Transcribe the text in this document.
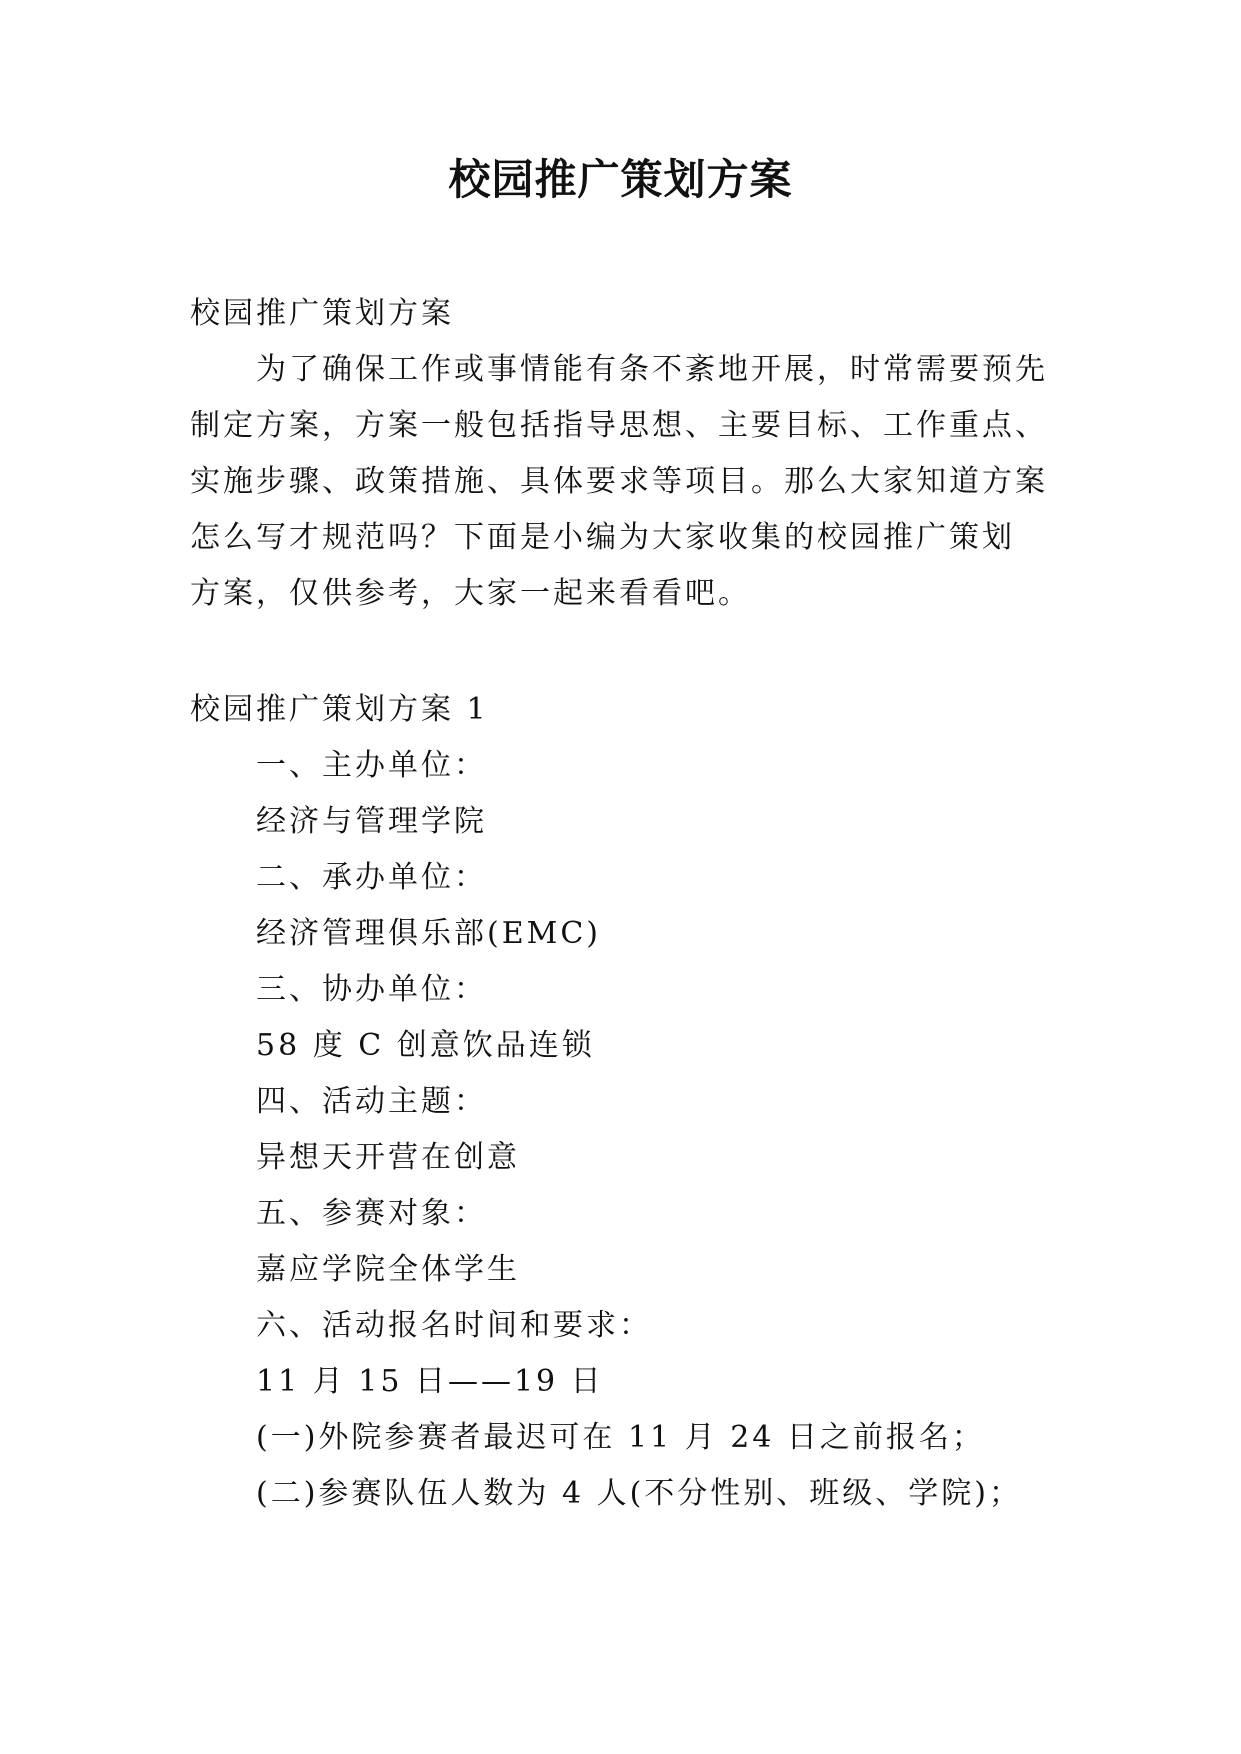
校园推广策划方案
校园推广策划方案
为了确保工作或事情能有条不紊地开展，时常需要预先
制定方案，方案一般包括指导思想、主要目标、工作重点、
实施步骤、政策措施、具体要求等项目。那么大家知道方案
怎么写才规范吗？下面是小编为大家收集的校园推广策划
方案，仅供参考，大家一起来看看吧。
校园推广策划方案 1
一、主办单位：
经济与管理学院
二、承办单位：
经济管理俱乐部(EMC)
三、协办单位：
58 度 C 创意饮品连锁
四、活动主题：
异想天开营在创意
五、参赛对象：
嘉应学院全体学生
六、活动报名时间和要求：
11 月 15 日——19 日
(一)外院参赛者最迟可在 11 月 24 日之前报名；
(二)参赛队伍人数为 4 人(不分性别、班级、学院)；
